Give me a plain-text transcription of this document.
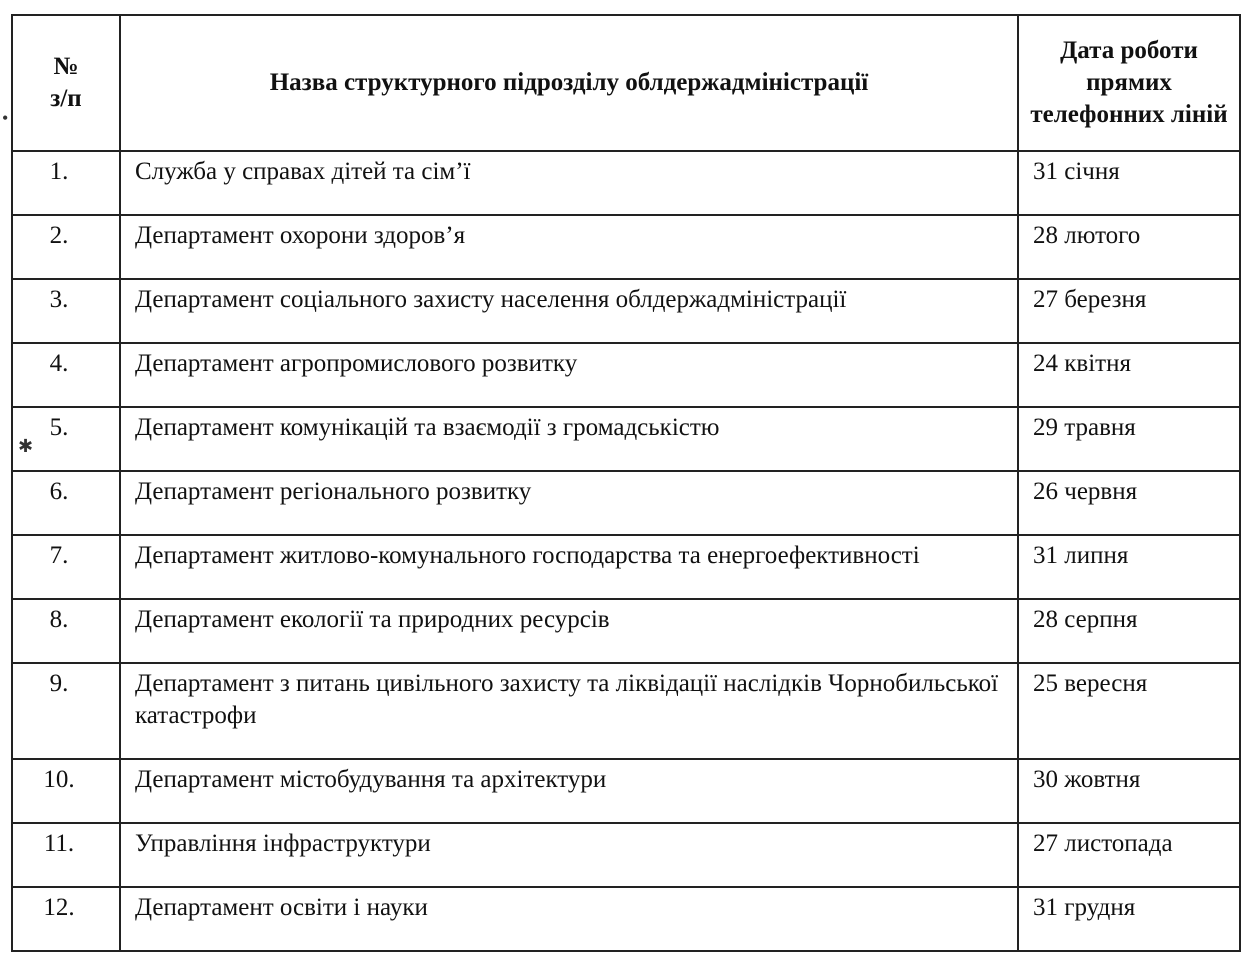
№
з/п	Назва структурного підрозділу облдержадміністрації	Дата роботи прямих телефонних ліній
1.	Служба у справах дітей та сім’ї	31 січня
2.	Департамент охорони здоров’я	28 лютого
3.	Департамент соціального захисту населення облдержадміністрації	27 березня
4.	Департамент агропромислового розвитку	24 квітня
5.	Департамент комунікацій та взаємодії з громадськістю	29 травня
6.	Департамент регіонального розвитку	26 червня
7.	Департамент житлово-комунального господарства та енергоефективності	31 липня
8.	Департамент екології та природних ресурсів	28 серпня
9.	Департамент з питань цивільного захисту та ліквідації наслідків Чорнобильської катастрофи	25 вересня
10.	Департамент містобудування та архітектури	30 жовтня
11.	Управління інфраструктури	27 листопада
12.	Департамент освіти і науки	31 грудня
•
✱
